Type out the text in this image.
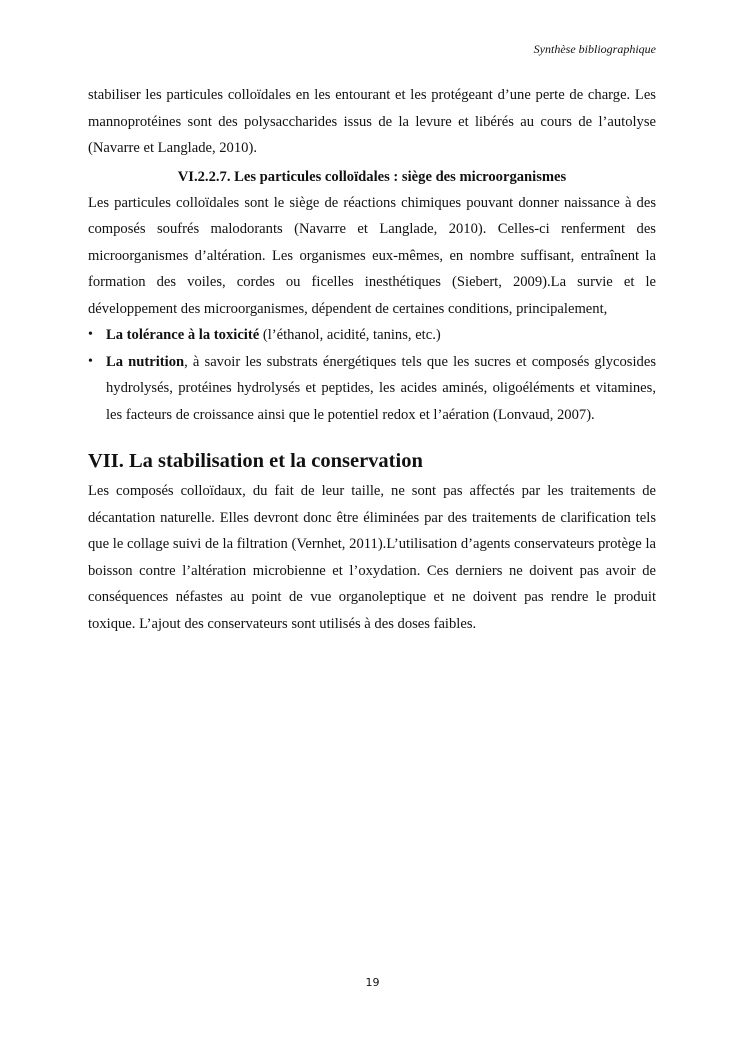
Synthèse bibliographique

stabiliser les particules colloïdales en les entourant et les protégeant d’une perte de charge. Les mannoprotéines sont des polysaccharides issus de la levure et libérés au cours de l’autolyse (Navarre et Langlade, 2010).

VI.2.2.7. Les particules colloïdales : siège des microorganismes

Les particules colloïdales sont le siège de réactions chimiques pouvant donner naissance à des composés soufrés malodorants (Navarre et Langlade, 2010). Celles-ci renferment des microorganismes d’altération. Les organismes eux-mêmes, en nombre suffisant, entraînent la formation des voiles, cordes ou ficelles inesthétiques (Siebert, 2009).La survie et le développement des microorganismes, dépendent de certaines conditions, principalement,

• La tolérance à la toxicité (l’éthanol, acidité, tanins, etc.)
• La nutrition, à savoir les substrats énergétiques tels que les sucres et composés glycosides hydrolysés, protéines hydrolysés et peptides, les acides aminés, oligoéléments et vitamines, les facteurs de croissance ainsi que le potentiel redox et l’aération (Lonvaud, 2007).
VII. La stabilisation et la conservation

Les composés colloïdaux, du fait de leur taille, ne sont pas affectés par les traitements de décantation naturelle. Elles devront donc être éliminées par des traitements de clarification tels que le collage suivi de la filtration (Vernhet, 2011).L’utilisation d’agents conservateurs protège la boisson contre l’altération microbienne et l’oxydation. Ces derniers ne doivent pas avoir de conséquences néfastes au point de vue organoleptique et ne doivent pas rendre le produit toxique. L’ajout des conservateurs sont utilisés à des doses faibles.

19
